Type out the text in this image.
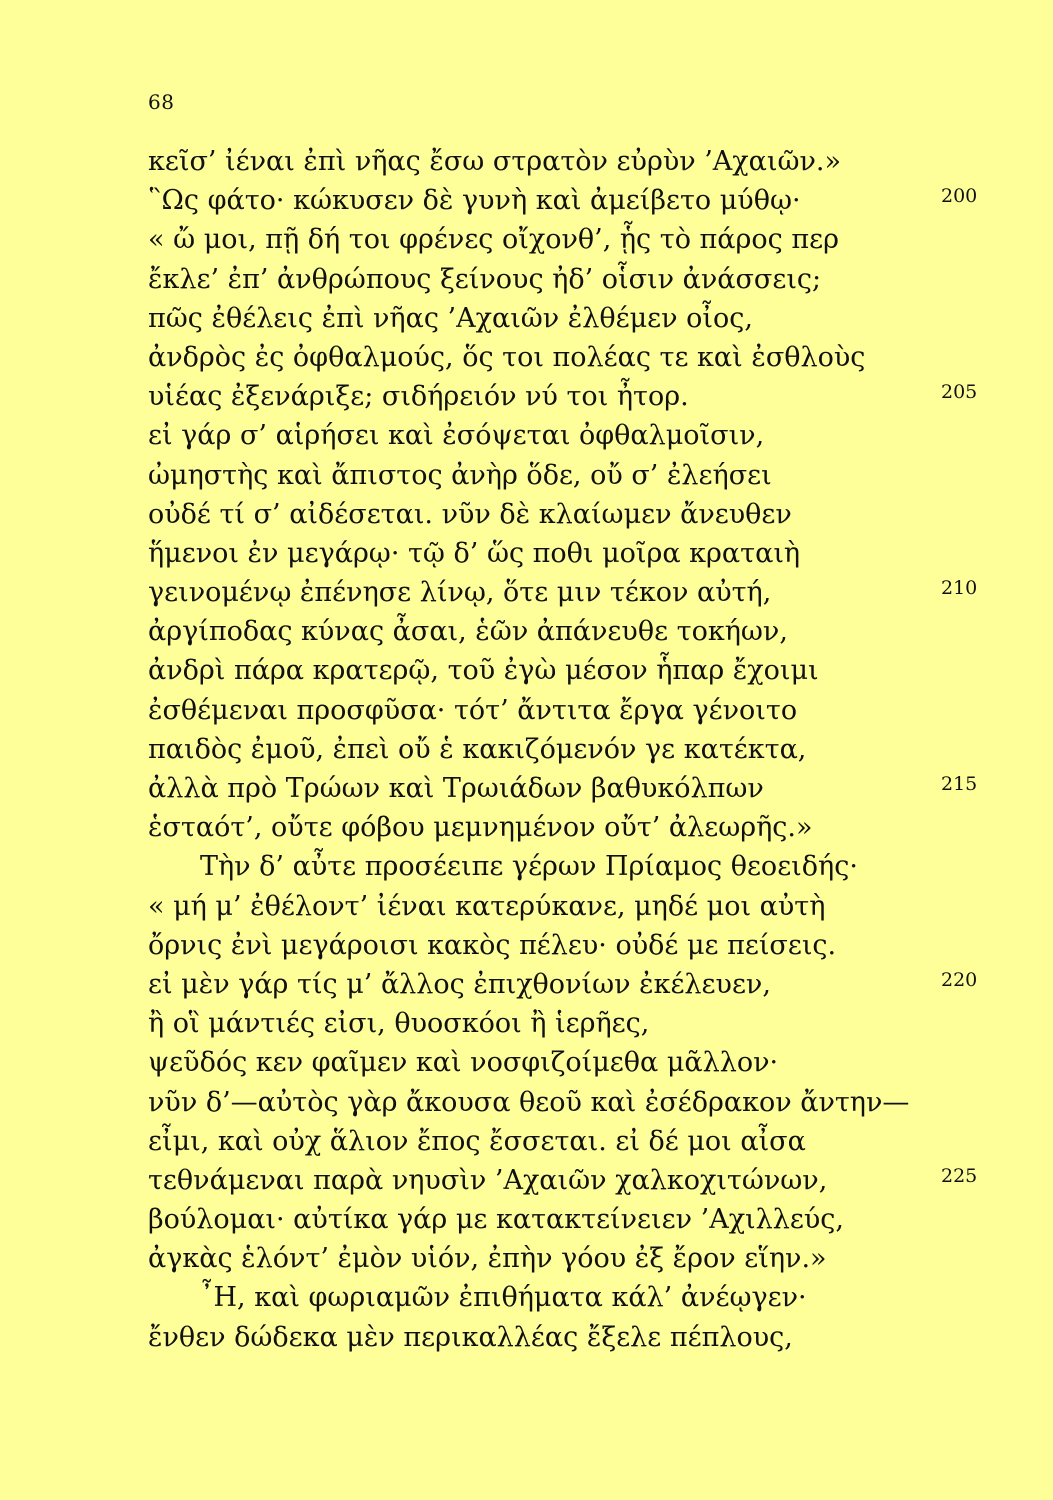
68
κεῖσ’ ἰέναι ἐπὶ νῆας ἔσω στρατὸν εὐρὺν ’Αχαιῶν.»
῝Ως φάτο· κώκυσεν δὲ γυνὴ καὶ ἀμείβετο μύθῳ·	200
« ὤ μοι, πῇ δή τοι φρένες οἴχονθ’, ᾗς τὸ πάρος περ
ἔκλε’ ἐπ’ ἀνθρώπους ξείνους ἠδ’ οἷσιν ἀνάσσεις;
πῶς ἐθέλεις ἐπὶ νῆας ’Αχαιῶν ἐλθέμεν οἶος,
ἀνδρὸς ἐς ὀφθαλμούς, ὅς τοι πολέας τε καὶ ἐσθλοὺς
υἱέας ἐξενάριξε; σιδήρειόν νύ τοι ἦτορ.	205
εἰ γάρ σ’ αἱρήσει καὶ ἐσόψεται ὀφθαλμοῖσιν,
ὠμηστὴς καὶ ἄπιστος ἀνὴρ ὅδε, οὔ σ’ ἐλεήσει
οὐδέ τί σ’ αἰδέσεται. νῦν δὲ κλαίωμεν ἄνευθεν
ἥμενοι ἐν μεγάρῳ· τῷ δ’ ὥς ποθι μοῖρα κραταιὴ
γεινομένῳ ἐπένησε λίνῳ, ὅτε μιν τέκον αὐτή,	210
ἀργίποδας κύνας ἆσαι, ἑῶν ἀπάνευθε τοκήων,
ἀνδρὶ πάρα κρατερῷ, τοῦ ἐγὼ μέσον ἧπαρ ἔχοιμι
ἐσθέμεναι προσφῦσα· τότ’ ἄντιτα ἔργα γένοιτο
παιδὸς ἐμοῦ, ἐπεὶ οὔ ἑ κακιζόμενόν γε κατέκτα,
ἀλλὰ πρὸ Τρώων καὶ Τρωιάδων βαθυκόλπων	215
ἑσταότ’, οὔτε φόβου μεμνημένον οὔτ’ ἀλεωρῆς.»
Τὴν δ’ αὖτε προσέειπε γέρων Πρίαμος θεοειδής·
« μή μ’ ἐθέλοντ’ ἰέναι κατερύκανε, μηδέ μοι αὐτὴ
ὄρνις ἐνὶ μεγάροισι κακὸς πέλευ· οὐδέ με πείσεις.
εἰ μὲν γάρ τίς μ’ ἄλλος ἐπιχθονίων ἐκέλευεν,	220
ἢ οἳ μάντιές εἰσι, θυοσκόοι ἢ ἱερῆες,
ψεῦδός κεν φαῖμεν καὶ νοσφιζοίμεθα μᾶλλον·
νῦν δ’—αὐτὸς γὰρ ἄκουσα θεοῦ καὶ ἐσέδρακον ἄντην—
εἶμι, καὶ οὐχ ἅλιον ἔπος ἔσσεται. εἰ δέ μοι αἶσα
τεθνάμεναι παρὰ νηυσὶν ’Αχαιῶν χαλκοχιτώνων,	225
βούλομαι· αὐτίκα γάρ με κατακτείνειεν ’Αχιλλεύς,
ἀγκὰς ἑλόντ’ ἐμὸν υἱόν, ἐπὴν γόου ἐξ ἔρον εἵην.»
῏Η, καὶ φωριαμῶν ἐπιθήματα κάλ’ ἀνέῳγεν·
ἔνθεν δώδεκα μὲν περικαλλέας ἔξελε πέπλους,
